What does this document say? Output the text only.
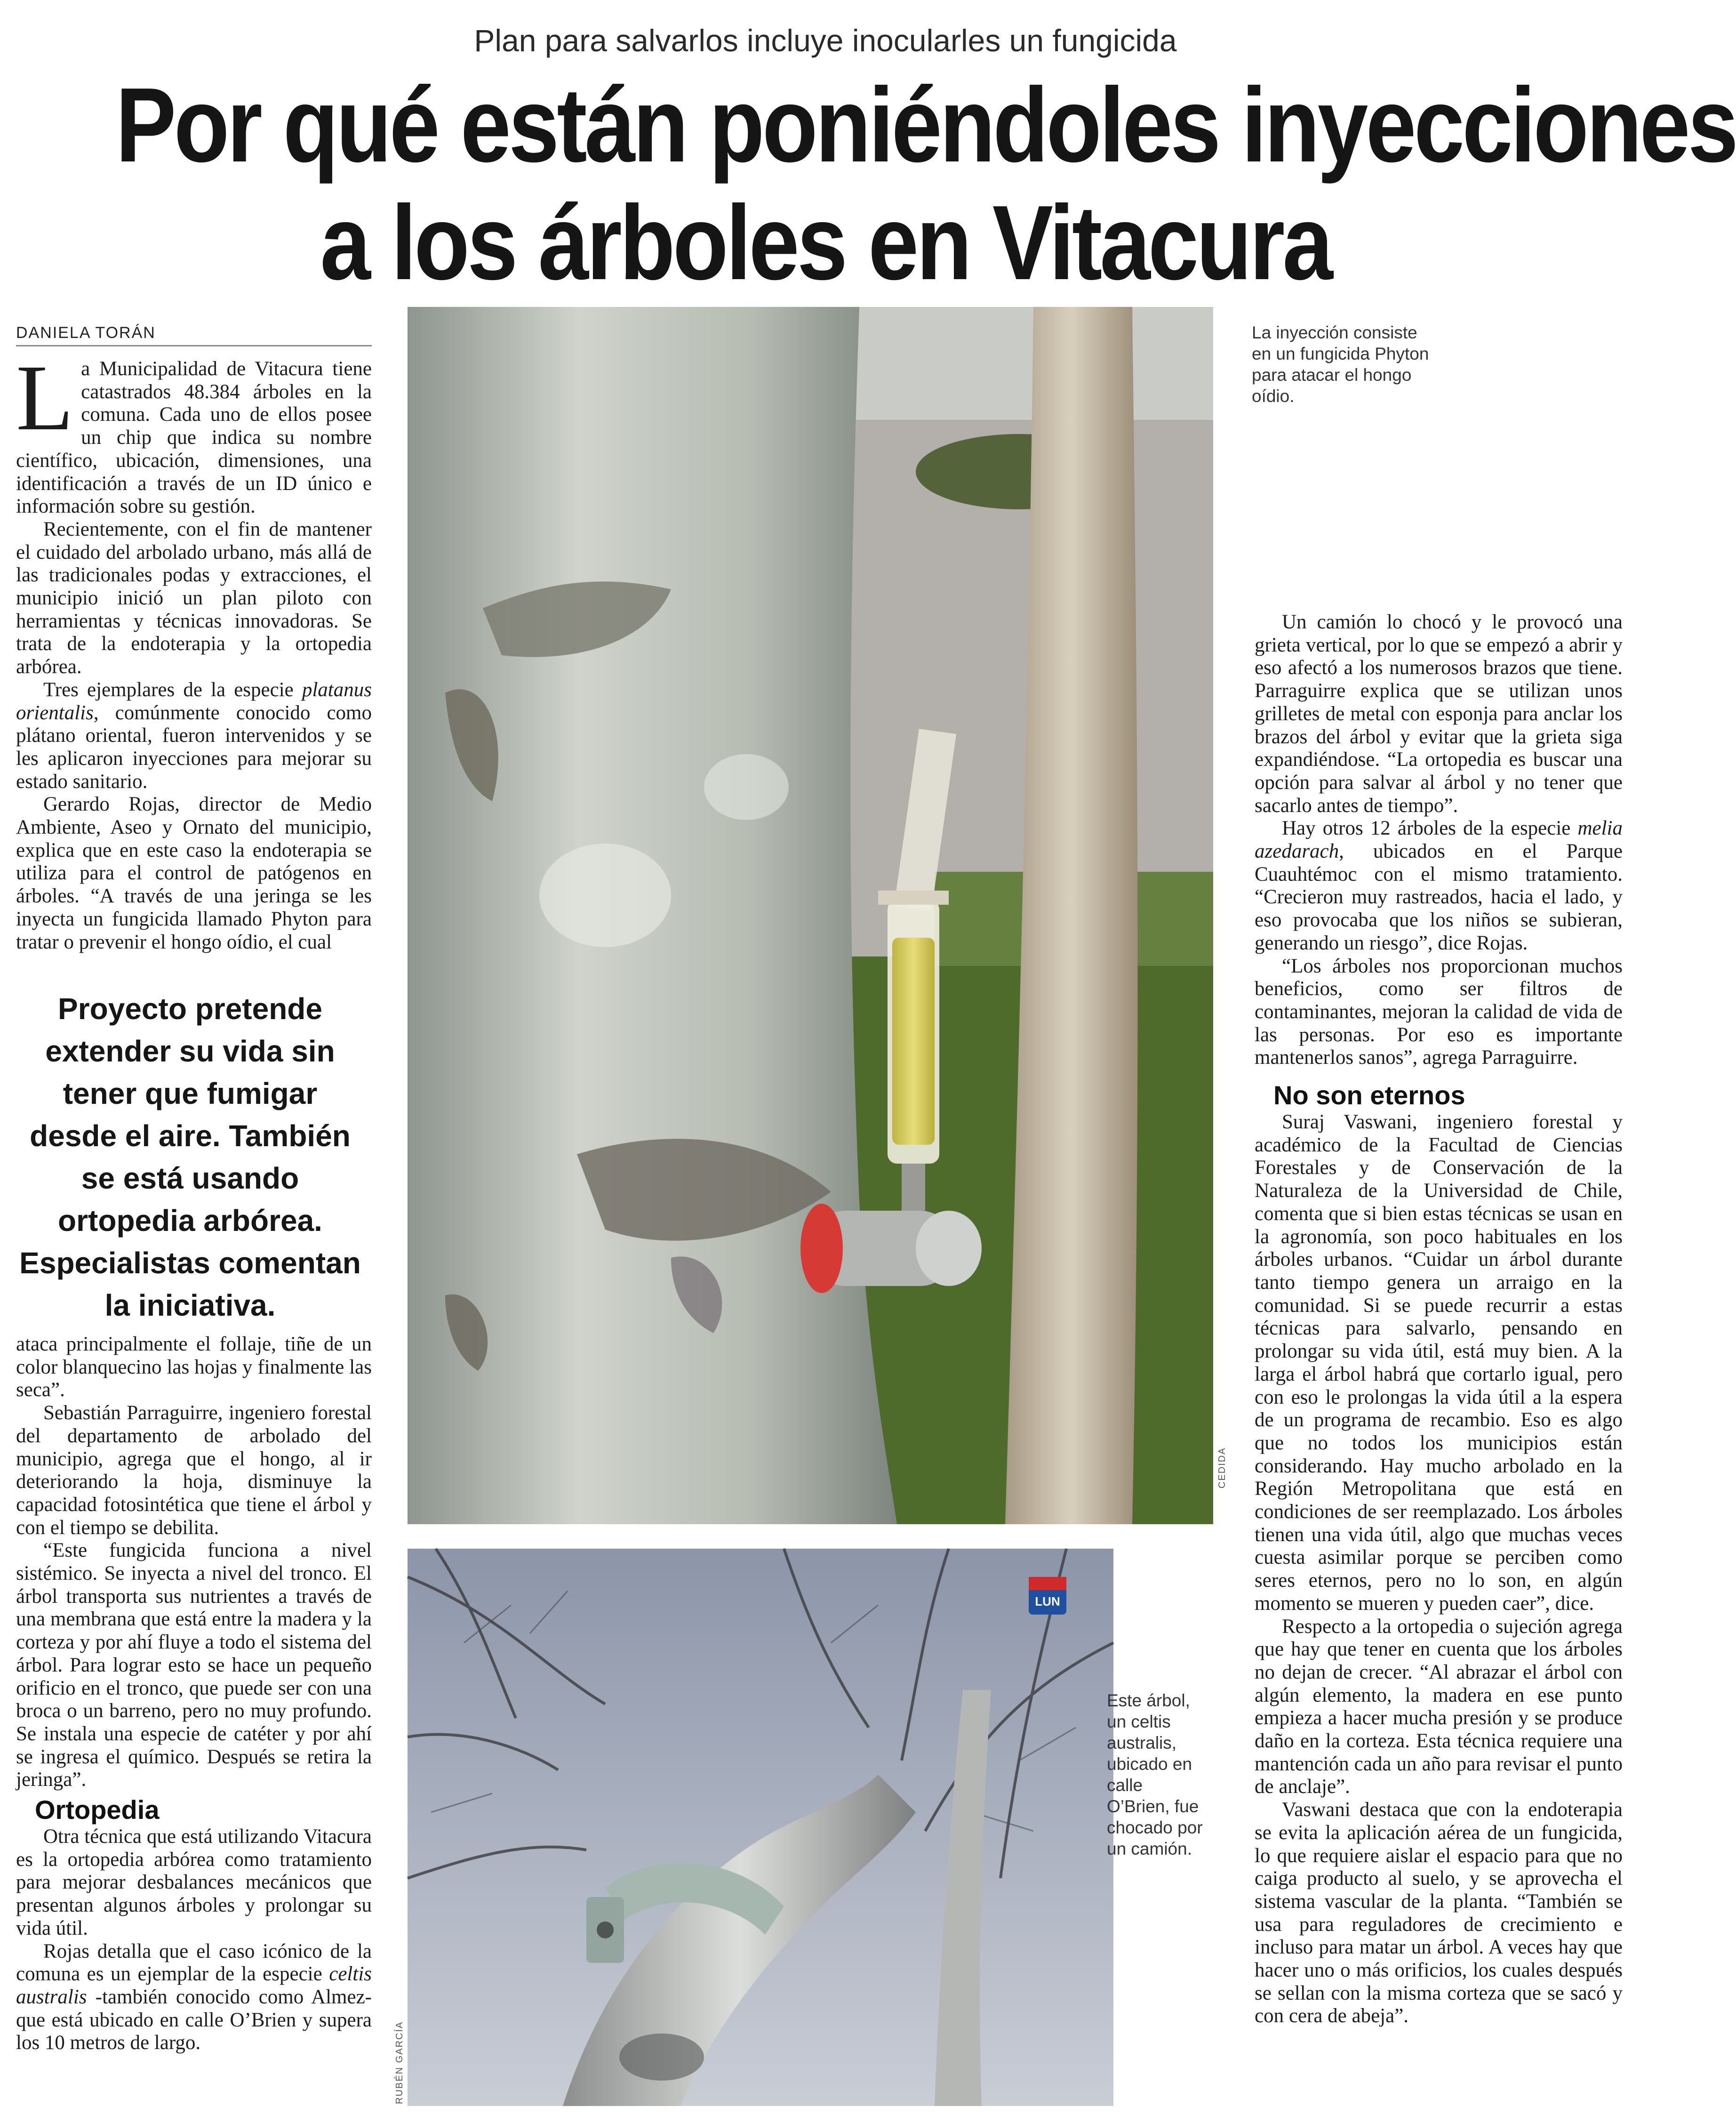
Plan para salvarlos incluye inocularles un fungicida
Por qué están poniéndoles inyecciones
a los árboles en Vitacura
DANIELA TORÁN

La Municipalidad de Vitacura tiene catastrados 48.384 árboles en la comuna. Cada uno de ellos posee un chip que indica su nombre científico, ubicación, dimensiones, una identificación a través de un ID único e información sobre su gestión.

Recientemente, con el fin de mantener el cuidado del arbolado urbano, más allá de las tradicionales podas y extracciones, el municipio inició un plan piloto con herramientas y técnicas innovadoras. Se trata de la endoterapia y la ortopedia arbórea.

Tres ejemplares de la especie platanus orientalis, comúnmente conocido como plátano oriental, fueron intervenidos y se les aplicaron inyecciones para mejorar su estado sanitario.

Gerardo Rojas, director de Medio Ambiente, Aseo y Ornato del municipio, explica que en este caso la endoterapia se utiliza para el control de patógenos en árboles. “A través de una jeringa se les inyecta un fungicida llamado Phyton para tratar o prevenir el hongo oídio, el cual

Proyecto pretende extender su vida sin tener que fumigar desde el aire. También se está usando ortopedia arbórea. Especialistas comentan la iniciativa.

ataca principalmente el follaje, tiñe de un color blanquecino las hojas y finalmente las seca”.

Sebastián Parraguirre, ingeniero forestal del departamento de arbolado del municipio, agrega que el hongo, al ir deteriorando la hoja, disminuye la capacidad fotosintética que tiene el árbol y con el tiempo se debilita.

“Este fungicida funciona a nivel sistémico. Se inyecta a nivel del tronco. El árbol transporta sus nutrientes a través de una membrana que está entre la madera y la corteza y por ahí fluye a todo el sistema del árbol. Para lograr esto se hace un pequeño orificio en el tronco, que puede ser con una broca o un barreno, pero no muy profundo. Se instala una especie de catéter y por ahí se ingresa el químico. Después se retira la jeringa”.

Ortopedia

Otra técnica que está utilizando Vitacura es la ortopedia arbórea como tratamiento para mejorar desbalances mecánicos que presentan algunos árboles y prolongar su vida útil.

Rojas detalla que el caso icónico de la comuna es un ejemplar de la especie celtis australis -también conocido como Almez- que está ubicado en calle O’Brien y supera los 10 metros de largo.

CEDIDA
La inyección consiste en un fungicida Phyton para atacar el hongo oídio.
LUN
RUBÉN GARCÍA
Este árbol, un celtis australis, ubicado en calle O’Brien, fue chocado por un camión.

Un camión lo chocó y le provocó una grieta vertical, por lo que se empezó a abrir y eso afectó a los numerosos brazos que tiene. Parraguirre explica que se utilizan unos grilletes de metal con esponja para anclar los brazos del árbol y evitar que la grieta siga expandiéndose. “La ortopedia es buscar una opción para salvar al árbol y no tener que sacarlo antes de tiempo”.

Hay otros 12 árboles de la especie melia azedarach, ubicados en el Parque Cuauhtémoc con el mismo tratamiento. “Crecieron muy rastreados, hacia el lado, y eso provocaba que los niños se subieran, generando un riesgo”, dice Rojas.

“Los árboles nos proporcionan muchos beneficios, como ser filtros de contaminantes, mejoran la calidad de vida de las personas. Por eso es importante mantenerlos sanos”, agrega Parraguirre.

No son eternos

Suraj Vaswani, ingeniero forestal y académico de la Facultad de Ciencias Forestales y de Conservación de la Naturaleza de la Universidad de Chile, comenta que si bien estas técnicas se usan en la agronomía, son poco habituales en los árboles urbanos. “Cuidar un árbol durante tanto tiempo genera un arraigo en la comunidad. Si se puede recurrir a estas técnicas para salvarlo, pensando en prolongar su vida útil, está muy bien. A la larga el árbol habrá que cortarlo igual, pero con eso le prolongas la vida útil a la espera de un programa de recambio. Eso es algo que no todos los municipios están considerando. Hay mucho arbolado en la Región Metropolitana que está en condiciones de ser reemplazado. Los árboles tienen una vida útil, algo que muchas veces cuesta asimilar porque se perciben como seres eternos, pero no lo son, en algún momento se mueren y pueden caer”, dice.

Respecto a la ortopedia o sujeción agrega que hay que tener en cuenta que los árboles no dejan de crecer. “Al abrazar el árbol con algún elemento, la madera en ese punto empieza a hacer mucha presión y se produce daño en la corteza. Esta técnica requiere una mantención cada un año para revisar el punto de anclaje”.

Vaswani destaca que con la endoterapia se evita la aplicación aérea de un fungicida, lo que requiere aislar el espacio para que no caiga producto al suelo, y se aprovecha el sistema vascular de la planta. “También se usa para reguladores de crecimiento e incluso para matar un árbol. A veces hay que hacer uno o más orificios, los cuales después se sellan con la misma corteza que se sacó y con cera de abeja”.
